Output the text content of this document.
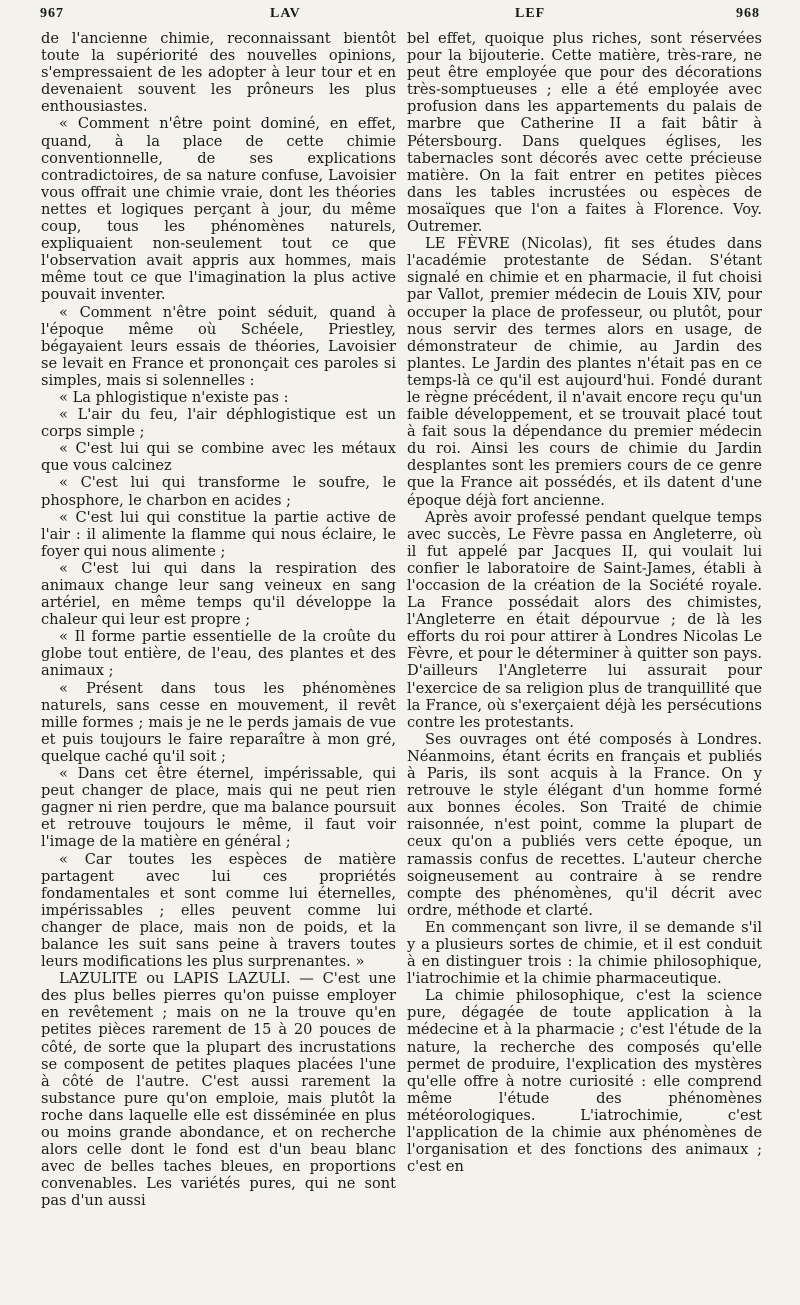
967	LAV	LEF	968

de l'ancienne chimie, reconnaissant bientôt toute la supériorité des nouvelles opinions, s'empressaient de les adopter à leur tour et en devenaient souvent les prôneurs les plus enthousiastes.

« Comment n'être point dominé, en effet, quand, à la place de cette chimie conventionnelle, de ses explications contradictoires, de sa nature confuse, Lavoisier vous offrait une chimie vraie, dont les théories nettes et logiques perçant à jour, du même coup, tous les phénomènes naturels, expliquaient non-seulement tout ce que l'observation avait appris aux hommes, mais même tout ce que l'imagination la plus active pouvait inventer.

« Comment n'être point séduit, quand à l'époque même où Schéele, Priestley, bégayaient leurs essais de théories, Lavoisier se levait en France et prononçait ces paroles si simples, mais si solennelles :

« La phlogistique n'existe pas :

« L'air du feu, l'air déphlogistique est un corps simple ;

« C'est lui qui se combine avec les métaux que vous calcinez

« C'est lui qui transforme le soufre, le phosphore, le charbon en acides ;

« C'est lui qui constitue la partie active de l'air : il alimente la flamme qui nous éclaire, le foyer qui nous alimente ;

« C'est lui qui dans la respiration des animaux change leur sang veineux en sang artériel, en même temps qu'il développe la chaleur qui leur est propre ;

« Il forme partie essentielle de la croûte du globe tout entière, de l'eau, des plantes et des animaux ;

« Présent dans tous les phénomènes naturels, sans cesse en mouvement, il revêt mille formes ; mais je ne le perds jamais de vue et puis toujours le faire reparaître à mon gré, quelque caché qu'il soit ;

« Dans cet être éternel, impérissable, qui peut changer de place, mais qui ne peut rien gagner ni rien perdre, que ma balance poursuit et retrouve toujours le même, il faut voir l'image de la matière en général ;

« Car toutes les espèces de matière partagent avec lui ces propriétés fondamentales et sont comme lui éternelles, impérissables ; elles peuvent comme lui changer de place, mais non de poids, et la balance les suit sans peine à travers toutes leurs modifications les plus surprenantes. »

LAZULITE ou LAPIS LAZULI. — C'est une des plus belles pierres qu'on puisse employer en revêtement ; mais on ne la trouve qu'en petites pièces rarement de 15 à 20 pouces de côté, de sorte que la plupart des incrustations se composent de petites plaques placées l'une à côté de l'autre. C'est aussi rarement la substance pure qu'on emploie, mais plutôt la roche dans laquelle elle est disséminée en plus ou moins grande abondance, et on recherche alors celle dont le fond est d'un beau blanc avec de belles taches bleues, en proportions convenables. Les variétés pures, qui ne sont pas d'un aussi

bel effet, quoique plus riches, sont réservées pour la bijouterie. Cette matière, très-rare, ne peut être employée que pour des décorations très-somptueuses ; elle a été employée avec profusion dans les appartements du palais de marbre que Catherine II a fait bâtir à Pétersbourg. Dans quelques églises, les tabernacles sont décorés avec cette précieuse matière. On la fait entrer en petites pièces dans les tables incrustées ou espèces de mosaïques que l'on a faites à Florence. Voy. Outremer.

LE FÈVRE (Nicolas), fit ses études dans l'académie protestante de Sédan. S'étant signalé en chimie et en pharmacie, il fut choisi par Vallot, premier médecin de Louis XIV, pour occuper la place de professeur, ou plutôt, pour nous servir des termes alors en usage, de démonstrateur de chimie, au Jardin des plantes. Le Jardin des plantes n'était pas en ce temps-là ce qu'il est aujourd'hui. Fondé durant le règne précédent, il n'avait encore reçu qu'un faible développement, et se trouvait placé tout à fait sous la dépendance du premier médecin du roi. Ainsi les cours de chimie du Jardin desplantes sont les premiers cours de ce genre que la France ait possédés, et ils datent d'une époque déjà fort ancienne.

Après avoir professé pendant quelque temps avec succès, Le Fèvre passa en Angleterre, où il fut appelé par Jacques II, qui voulait lui confier le laboratoire de Saint-James, établi à l'occasion de la création de la Société royale. La France possédait alors des chimistes, l'Angleterre en était dépourvue ; de là les efforts du roi pour attirer à Londres Nicolas Le Fèvre, et pour le déterminer à quitter son pays. D'ailleurs l'Angleterre lui assurait pour l'exercice de sa religion plus de tranquillité que la France, où s'exerçaient déjà les persécutions contre les protestants.

Ses ouvrages ont été composés à Londres. Néanmoins, étant écrits en français et publiés à Paris, ils sont acquis à la France. On y retrouve le style élégant d'un homme formé aux bonnes écoles. Son Traité de chimie raisonnée, n'est point, comme la plupart de ceux qu'on a publiés vers cette époque, un ramassis confus de recettes. L'auteur cherche soigneusement au contraire à se rendre compte des phénomènes, qu'il décrit avec ordre, méthode et clarté.

En commençant son livre, il se demande s'il y a plusieurs sortes de chimie, et il est conduit à en distinguer trois : la chimie philosophique, l'iatrochimie et la chimie pharmaceutique.

La chimie philosophique, c'est la science pure, dégagée de toute application à la médecine et à la pharmacie ; c'est l'étude de la nature, la recherche des composés qu'elle permet de produire, l'explication des mystères qu'elle offre à notre curiosité : elle comprend même l'étude des phénomènes météorologiques. L'iatrochimie, c'est l'application de la chimie aux phénomènes de l'organisation et des fonctions des animaux ; c'est en
